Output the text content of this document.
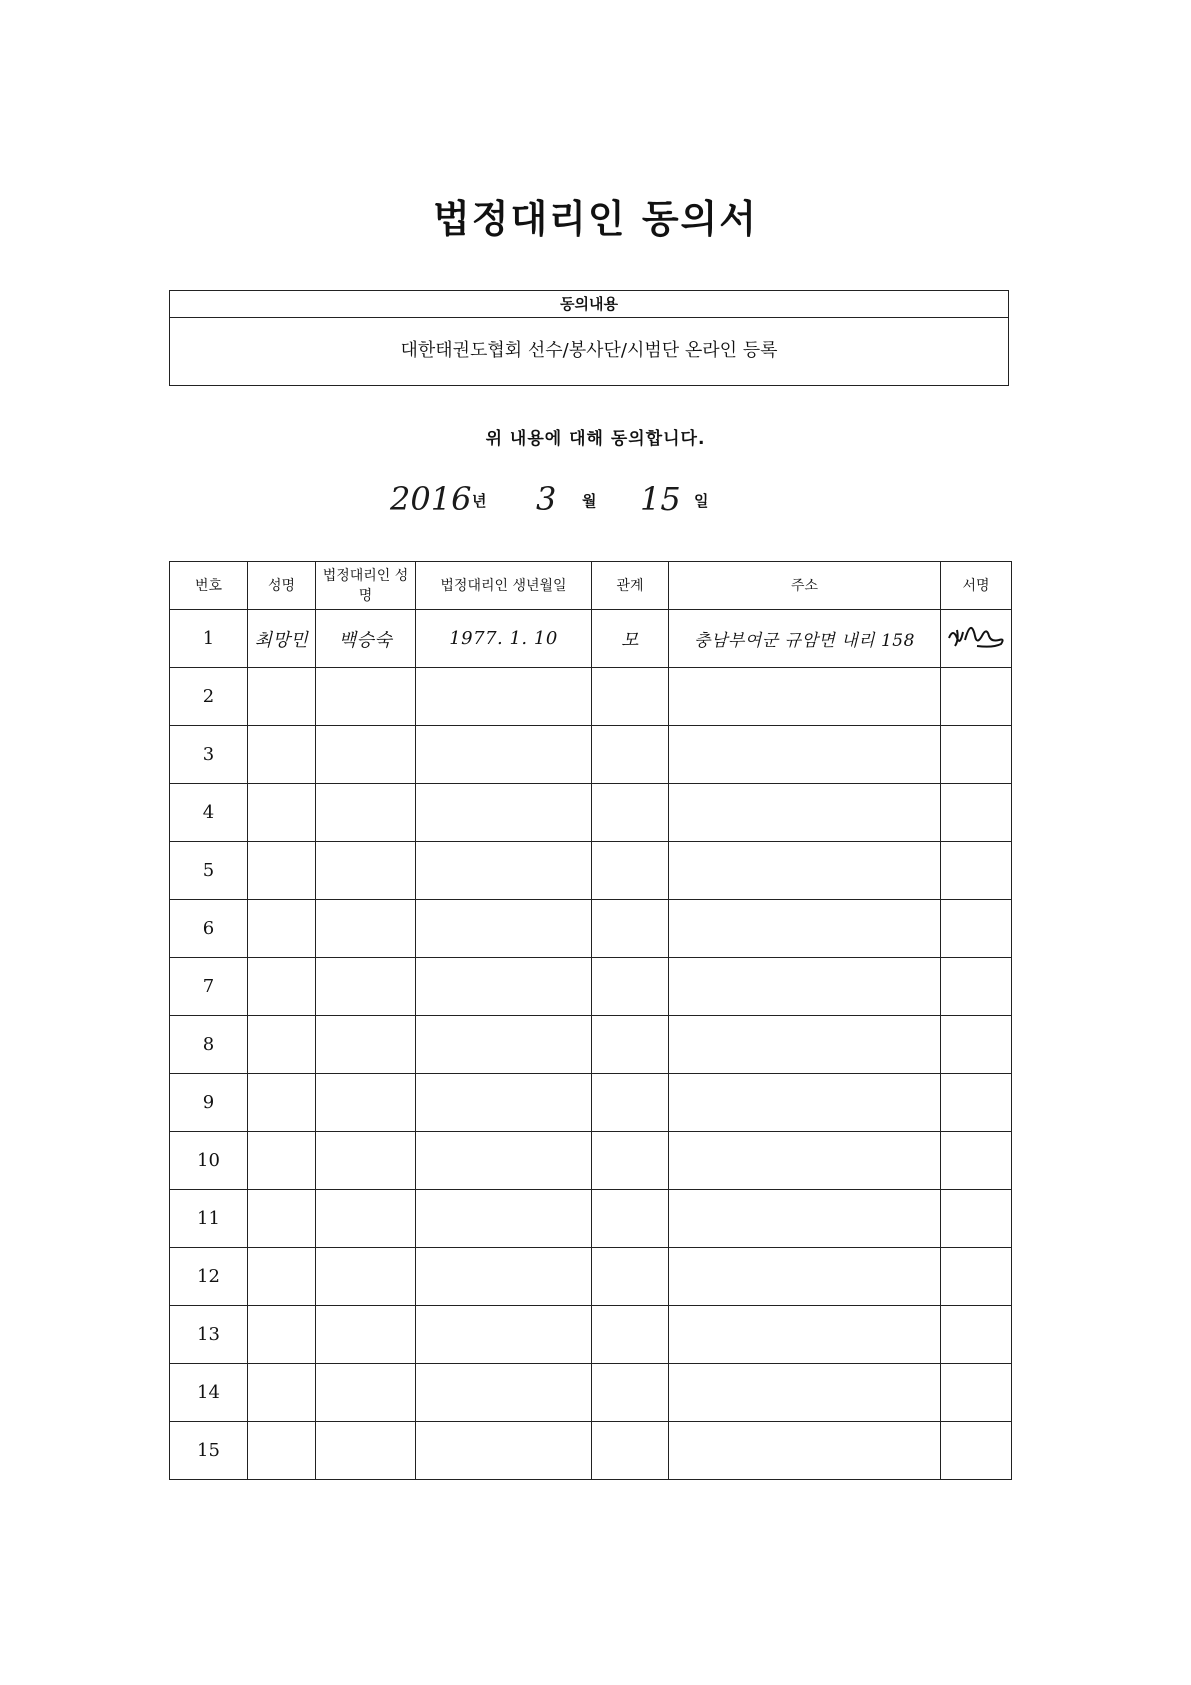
법정대리인 동의서
동의내용
대한태권도협회 선수/봉사단/시범단 온라인 등록
위 내용에 대해 동의합니다.
2016 년 3 월 15 일
번호	성명	법정대리인 성명	법정대리인 생년월일	관계	주소	서명
1	최망민	백승숙	1977. 1. 10	모	충남부여군 규암면 내리 158	
2						
3						
4						
5						
6						
7						
8						
9						
10						
11						
12						
13						
14						
15						
